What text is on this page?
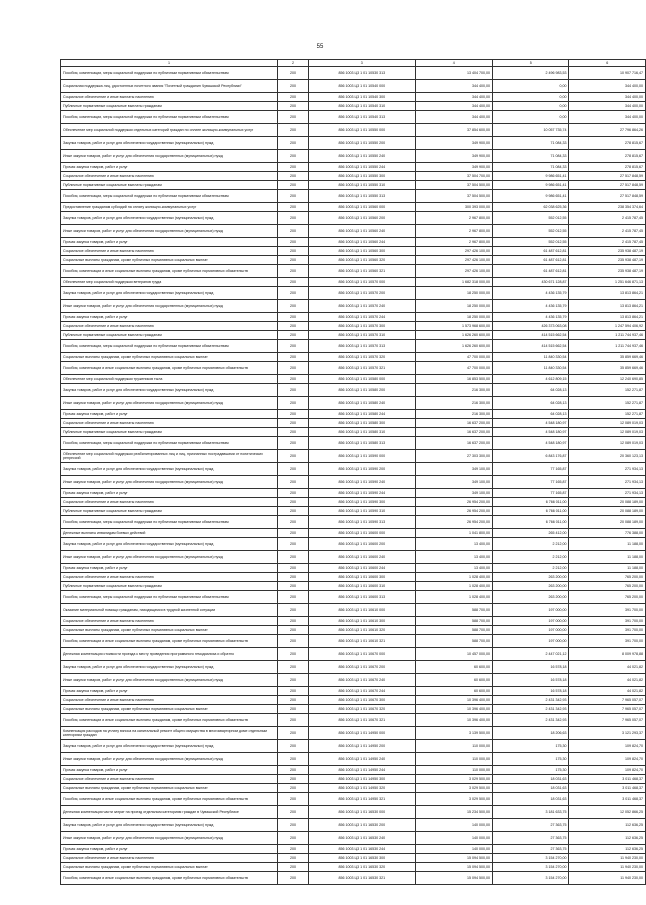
55
1	2	3	4	5	6
Пособия, компенсации, меры социальной поддержки по публичным нормативным обязательствам	200	856 1003 Ц3 1 01 10530 313	13 404 700,00	2 496 983,53	10 907 716,47
Социальная поддержка лиц, удостоенных почетного звания "Почетный гражданин Чувашской Республики"	200	856 1003 Ц3 1 01 10540 000	344 400,00	0,00	344 400,00
Социальное обеспечение и иные выплаты населению	200	856 1003 Ц3 1 01 10540 300	344 400,00	0,00	344 400,00
Публичные нормативные социальные выплаты гражданам	200	856 1003 Ц3 1 01 10540 310	344 400,00	0,00	344 400,00
Пособия, компенсации, меры социальной поддержки по публичным нормативным обязательствам	200	856 1003 Ц3 1 01 10540 313	344 400,00	0,00	344 400,00
Обеспечение мер социальной поддержки отдельных категорий граждан по оплате жилищно-коммунальных услуг	200	856 1003 Ц3 1 01 10550 000	37 854 600,00	10 057 735,74	27 796 864,26
Закупка товаров, работ и услуг для обеспечения государственных (муниципальных) нужд	200	856 1003 Ц3 1 01 10550 200	349 900,00	71 084,33	278 815,67
Иные закупки товаров, работ и услуг для обеспечения государственных (муниципальных) нужд	200	856 1003 Ц3 1 01 10550 240	349 900,00	71 084,33	278 815,67
Прочая закупка товаров, работ и услуг	200	856 1003 Ц3 1 01 10550 244	349 900,00	71 084,33	278 815,67
Социальное обеспечение и иные выплаты населению	200	856 1003 Ц3 1 01 10550 300	37 504 700,00	9 986 651,41	27 517 848,59
Публичные нормативные социальные выплаты гражданам	200	856 1003 Ц3 1 01 10550 310	37 504 500,00	9 986 651,41	27 517 848,59
Пособия, компенсации, меры социальной поддержки по публичным нормативным обязательствам	200	856 1003 Ц3 1 01 10550 313	37 504 500,00	9 986 651,41	27 517 848,59
Предоставление гражданам субсидий на оплату жилищно-коммунальных услуг	200	856 1003 Ц3 1 01 10560 000	300 393 000,00	62 038 625,36	238 354 374,64
Закупка товаров, работ и услуг для обеспечения государственных (муниципальных) нужд	200	856 1003 Ц3 1 01 10560 200	2 967 800,00	552 012,55	2 415 787,45
Иные закупки товаров, работ и услуг для обеспечения государственных (муниципальных) нужд	200	856 1003 Ц3 1 01 10560 240	2 967 800,00	552 012,55	2 415 787,45
Прочая закупка товаров, работ и услуг	200	856 1003 Ц3 1 01 10560 244	2 967 800,00	552 012,55	2 415 787,45
Социальное обеспечение и иные выплаты населению	200	856 1003 Ц3 1 01 10560 300	297 426 100,00	61 487 612,81	235 938 487,19
Социальные выплаты гражданам, кроме публичных нормативных социальных выплат	200	856 1003 Ц3 1 01 10560 320	297 426 100,00	61 487 612,81	235 938 487,19
Пособия, компенсации и иные социальные выплаты гражданам, кроме публичных нормативных обязательств	200	856 1003 Ц3 1 01 10560 321	297 426 100,00	61 487 612,81	235 938 487,19
Обеспечение мер социальной поддержки ветеранов труда	200	856 1003 Ц3 1 01 10570 000	1 682 318 000,00	430 671 128,87	1 251 646 871,13
Закупка товаров, работ и услуг для обеспечения государственных (муниципальных) нужд	200	856 1003 Ц3 1 01 10570 200	18 250 000,00	4 436 135,79	13 813 864,21
Иные закупки товаров, работ и услуг для обеспечения государственных (муниципальных) нужд	200	856 1003 Ц3 1 01 10570 240	18 250 000,00	4 436 135,79	13 813 864,21
Прочая закупка товаров, работ и услуг	200	856 1003 Ц3 1 01 10570 244	18 250 000,00	4 436 135,79	13 813 864,21
Социальное обеспечение и иные выплаты населению	200	856 1003 Ц3 1 01 10570 300	1 573 968 600,00	426 373 063,08	1 247 594 406,92
Публичные нормативные социальные выплаты гражданам	200	856 1003 Ц3 1 01 10570 310	1 626 260 600,00	414 515 662,54	1 211 744 937,46
Пособия, компенсации, меры социальной поддержки по публичным нормативным обязательствам	200	856 1003 Ц3 1 01 10570 313	1 626 260 600,00	414 515 662,54	1 211 744 937,46
Социальные выплаты гражданам, кроме публичных нормативных социальных выплат	200	856 1003 Ц3 1 01 10570 320	47 700 000,00	11 840 330,54	35 859 669,46
Пособия, компенсации и иные социальные выплаты гражданам, кроме публичных нормативных обязательств	200	856 1003 Ц3 1 01 10570 321	47 700 000,00	11 840 330,54	35 859 669,46
Обеспечение мер социальной поддержки тружеников тыла	200	856 1003 Ц3 1 01 10580 000	16 853 500,00	4 612 809,15	12 240 690,85
Закупка товаров, работ и услуг для обеспечения государственных (муниципальных) нужд	200	856 1003 Ц3 1 01 10580 200	216 300,00	64 028,13	152 271,87
Иные закупки товаров, работ и услуг для обеспечения государственных (муниципальных) нужд	200	856 1003 Ц3 1 01 10580 240	216 300,00	64 028,13	152 271,87
Прочая закупка товаров, работ и услуг	200	856 1003 Ц3 1 01 10580 244	216 300,00	64 028,13	152 271,87
Социальное обеспечение и иные выплаты населению	200	856 1003 Ц3 1 01 10580 300	16 637 200,00	4 548 180,97	12 089 019,03
Публичные нормативные социальные выплаты гражданам	200	856 1003 Ц3 1 01 10580 310	16 637 200,00	4 548 180,97	12 089 019,03
Пособия, компенсации, меры социальной поддержки по публичным нормативным обязательствам	200	856 1003 Ц3 1 01 10580 313	16 637 200,00	4 548 180,97	12 089 019,03
Обеспечение мер социальной поддержки реабилитированных лиц и лиц, признанных пострадавшими от политических репрессий	200	856 1003 Ц3 1 01 10590 000	27 303 300,00	6 843 176,87	20 360 123,13
Закупка товаров, работ и услуг для обеспечения государственных (муниципальных) нужд	200	856 1003 Ц3 1 01 10590 200	349 100,00	77 165,87	271 934,13
Иные закупки товаров, работ и услуг для обеспечения государственных (муниципальных) нужд	200	856 1003 Ц3 1 01 10590 240	349 100,00	77 165,87	271 934,13
Прочая закупка товаров, работ и услуг	200	856 1003 Ц3 1 01 10590 244	349 100,00	77 165,87	271 934,13
Социальное обеспечение и иные выплаты населению	200	856 1003 Ц3 1 01 10590 300	26 954 200,00	6 766 011,00	20 088 189,00
Публичные нормативные социальные выплаты гражданам	200	856 1003 Ц3 1 01 10590 310	26 954 200,00	6 766 011,00	20 088 189,00
Пособия, компенсации, меры социальной поддержки по публичным нормативным обязательствам	200	856 1003 Ц3 1 01 10590 313	26 954 200,00	6 766 011,00	20 088 189,00
Денежные выплаты инвалидам боевых действий	200	856 1003 Ц3 1 01 10600 000	1 041 800,00	265 412,00	776 388,00
Закупка товаров, работ и услуг для обеспечения государственных (муниципальных) нужд	200	856 1003 Ц3 1 01 10600 200	13 400,00	2 212,00	11 188,00
Иные закупки товаров, работ и услуг для обеспечения государственных (муниципальных) нужд	200	856 1003 Ц3 1 01 10600 240	13 400,00	2 212,00	11 188,00
Прочая закупка товаров, работ и услуг	200	856 1003 Ц3 1 01 10600 244	13 400,00	2 212,00	11 188,00
Социальное обеспечение и иные выплаты населению	200	856 1003 Ц3 1 01 10600 300	1 028 400,00	263 200,00	765 200,00
Публичные нормативные социальные выплаты гражданам	200	856 1003 Ц3 1 01 10600 310	1 028 400,00	263 200,00	765 200,00
Пособия, компенсации, меры социальной поддержки по публичным нормативным обязательствам	200	856 1003 Ц3 1 01 10600 313	1 028 400,00	263 200,00	765 200,00
Оказание материальной помощи гражданам, находящимся в трудной жизненной ситуации	200	856 1003 Ц3 1 01 10610 000	588 700,00	197 000,00	391 700,00
Социальное обеспечение и иные выплаты населению	200	856 1003 Ц3 1 01 10610 300	588 700,00	197 000,00	391 700,00
Социальные выплаты гражданам, кроме публичных нормативных социальных выплат	200	856 1003 Ц3 1 01 10610 320	588 700,00	197 000,00	391 700,00
Пособия, компенсации и иные социальные выплаты гражданам, кроме публичных нормативных обязательств	200	856 1003 Ц3 1 01 10610 321	588 700,00	197 000,00	391 700,00
Денежная компенсация стоимости проезда к месту проведения программного гемодиализа и обратно	200	856 1003 Ц3 1 01 10670 000	10 457 000,00	2 447 021,12	8 009 978,88
Закупка товаров, работ и услуг для обеспечения государственных (муниципальных) нужд	200	856 1003 Ц3 1 01 10670 200	60 600,00	16 578,18	44 021,82
Иные закупки товаров, работ и услуг для обеспечения государственных (муниципальных) нужд	200	856 1003 Ц3 1 01 10670 240	60 600,00	16 578,18	44 021,82
Прочая закупка товаров, работ и услуг	200	856 1003 Ц3 1 01 10670 244	60 600,00	16 578,18	44 021,82
Социальное обеспечение и иные выплаты населению	200	856 1003 Ц3 1 01 10670 300	10 396 400,00	2 431 342,93	7 965 057,07
Социальные выплаты гражданам, кроме публичных нормативных социальных выплат	200	856 1003 Ц3 1 01 10670 320	10 396 400,00	2 431 342,93	7 965 057,07
Пособия, компенсации и иные социальные выплаты гражданам, кроме публичных нормативных обязательств	200	856 1003 Ц3 1 01 10670 321	10 396 400,00	2 431 342,93	7 965 057,07
Компенсация расходов на уплату взноса на капитальный ремонт общего имущества в многоквартирном доме отдельным категориям граждан	200	856 1003 Ц3 1 01 14950 000	3 139 500,00	18 206,63	3 121 293,37
Закупка товаров, работ и услуг для обеспечения государственных (муниципальных) нужд	200	856 1003 Ц3 1 01 14950 200	110 000,00	175,30	109 824,70
Иные закупки товаров, работ и услуг для обеспечения государственных (муниципальных) нужд	200	856 1003 Ц3 1 01 14950 240	110 000,00	175,30	109 824,70
Прочая закупка товаров, работ и услуг	200	856 1003 Ц3 1 01 14950 244	110 000,00	175,30	109 824,70
Социальное обеспечение и иные выплаты населению	200	856 1003 Ц3 1 01 14950 300	3 029 500,00	18 031,63	3 011 468,37
Социальные выплаты гражданам, кроме публичных нормативных социальных выплат	200	856 1003 Ц3 1 01 14950 320	3 029 500,00	18 031,63	3 011 468,37
Пособия, компенсации и иные социальные выплаты гражданам, кроме публичных нормативных обязательств	200	856 1003 Ц3 1 01 14950 321	3 029 500,00	18 031,63	3 011 468,37
Денежная компенсация части затрат на проезд отдельным категориям граждан в Чувашской Республике	200	856 1003 Ц3 1 01 16530 000	15 234 500,00	3 181 633,75	12 052 866,25
Закупка товаров, работ и услуг для обеспечения государственных (муниципальных) нужд	200	856 1003 Ц3 1 01 16530 200	140 000,00	27 363,75	112 636,25
Иные закупки товаров, работ и услуг для обеспечения государственных (муниципальных) нужд	200	856 1003 Ц3 1 01 16530 240	140 000,00	27 363,75	112 636,25
Прочая закупка товаров, работ и услуг	200	856 1003 Ц3 1 01 16530 244	140 000,00	27 363,75	112 636,25
Социальное обеспечение и иные выплаты населению	200	856 1003 Ц3 1 01 16530 300	15 094 500,00	3 154 270,00	11 940 230,00
Социальные выплаты гражданам, кроме публичных нормативных социальных выплат	200	856 1003 Ц3 1 01 16530 320	15 094 500,00	3 154 270,00	11 940 230,00
Пособия, компенсации и иные социальные выплаты гражданам, кроме публичных нормативных обязательств	200	856 1003 Ц3 1 01 16530 321	15 094 500,00	3 154 270,00	11 940 230,00
